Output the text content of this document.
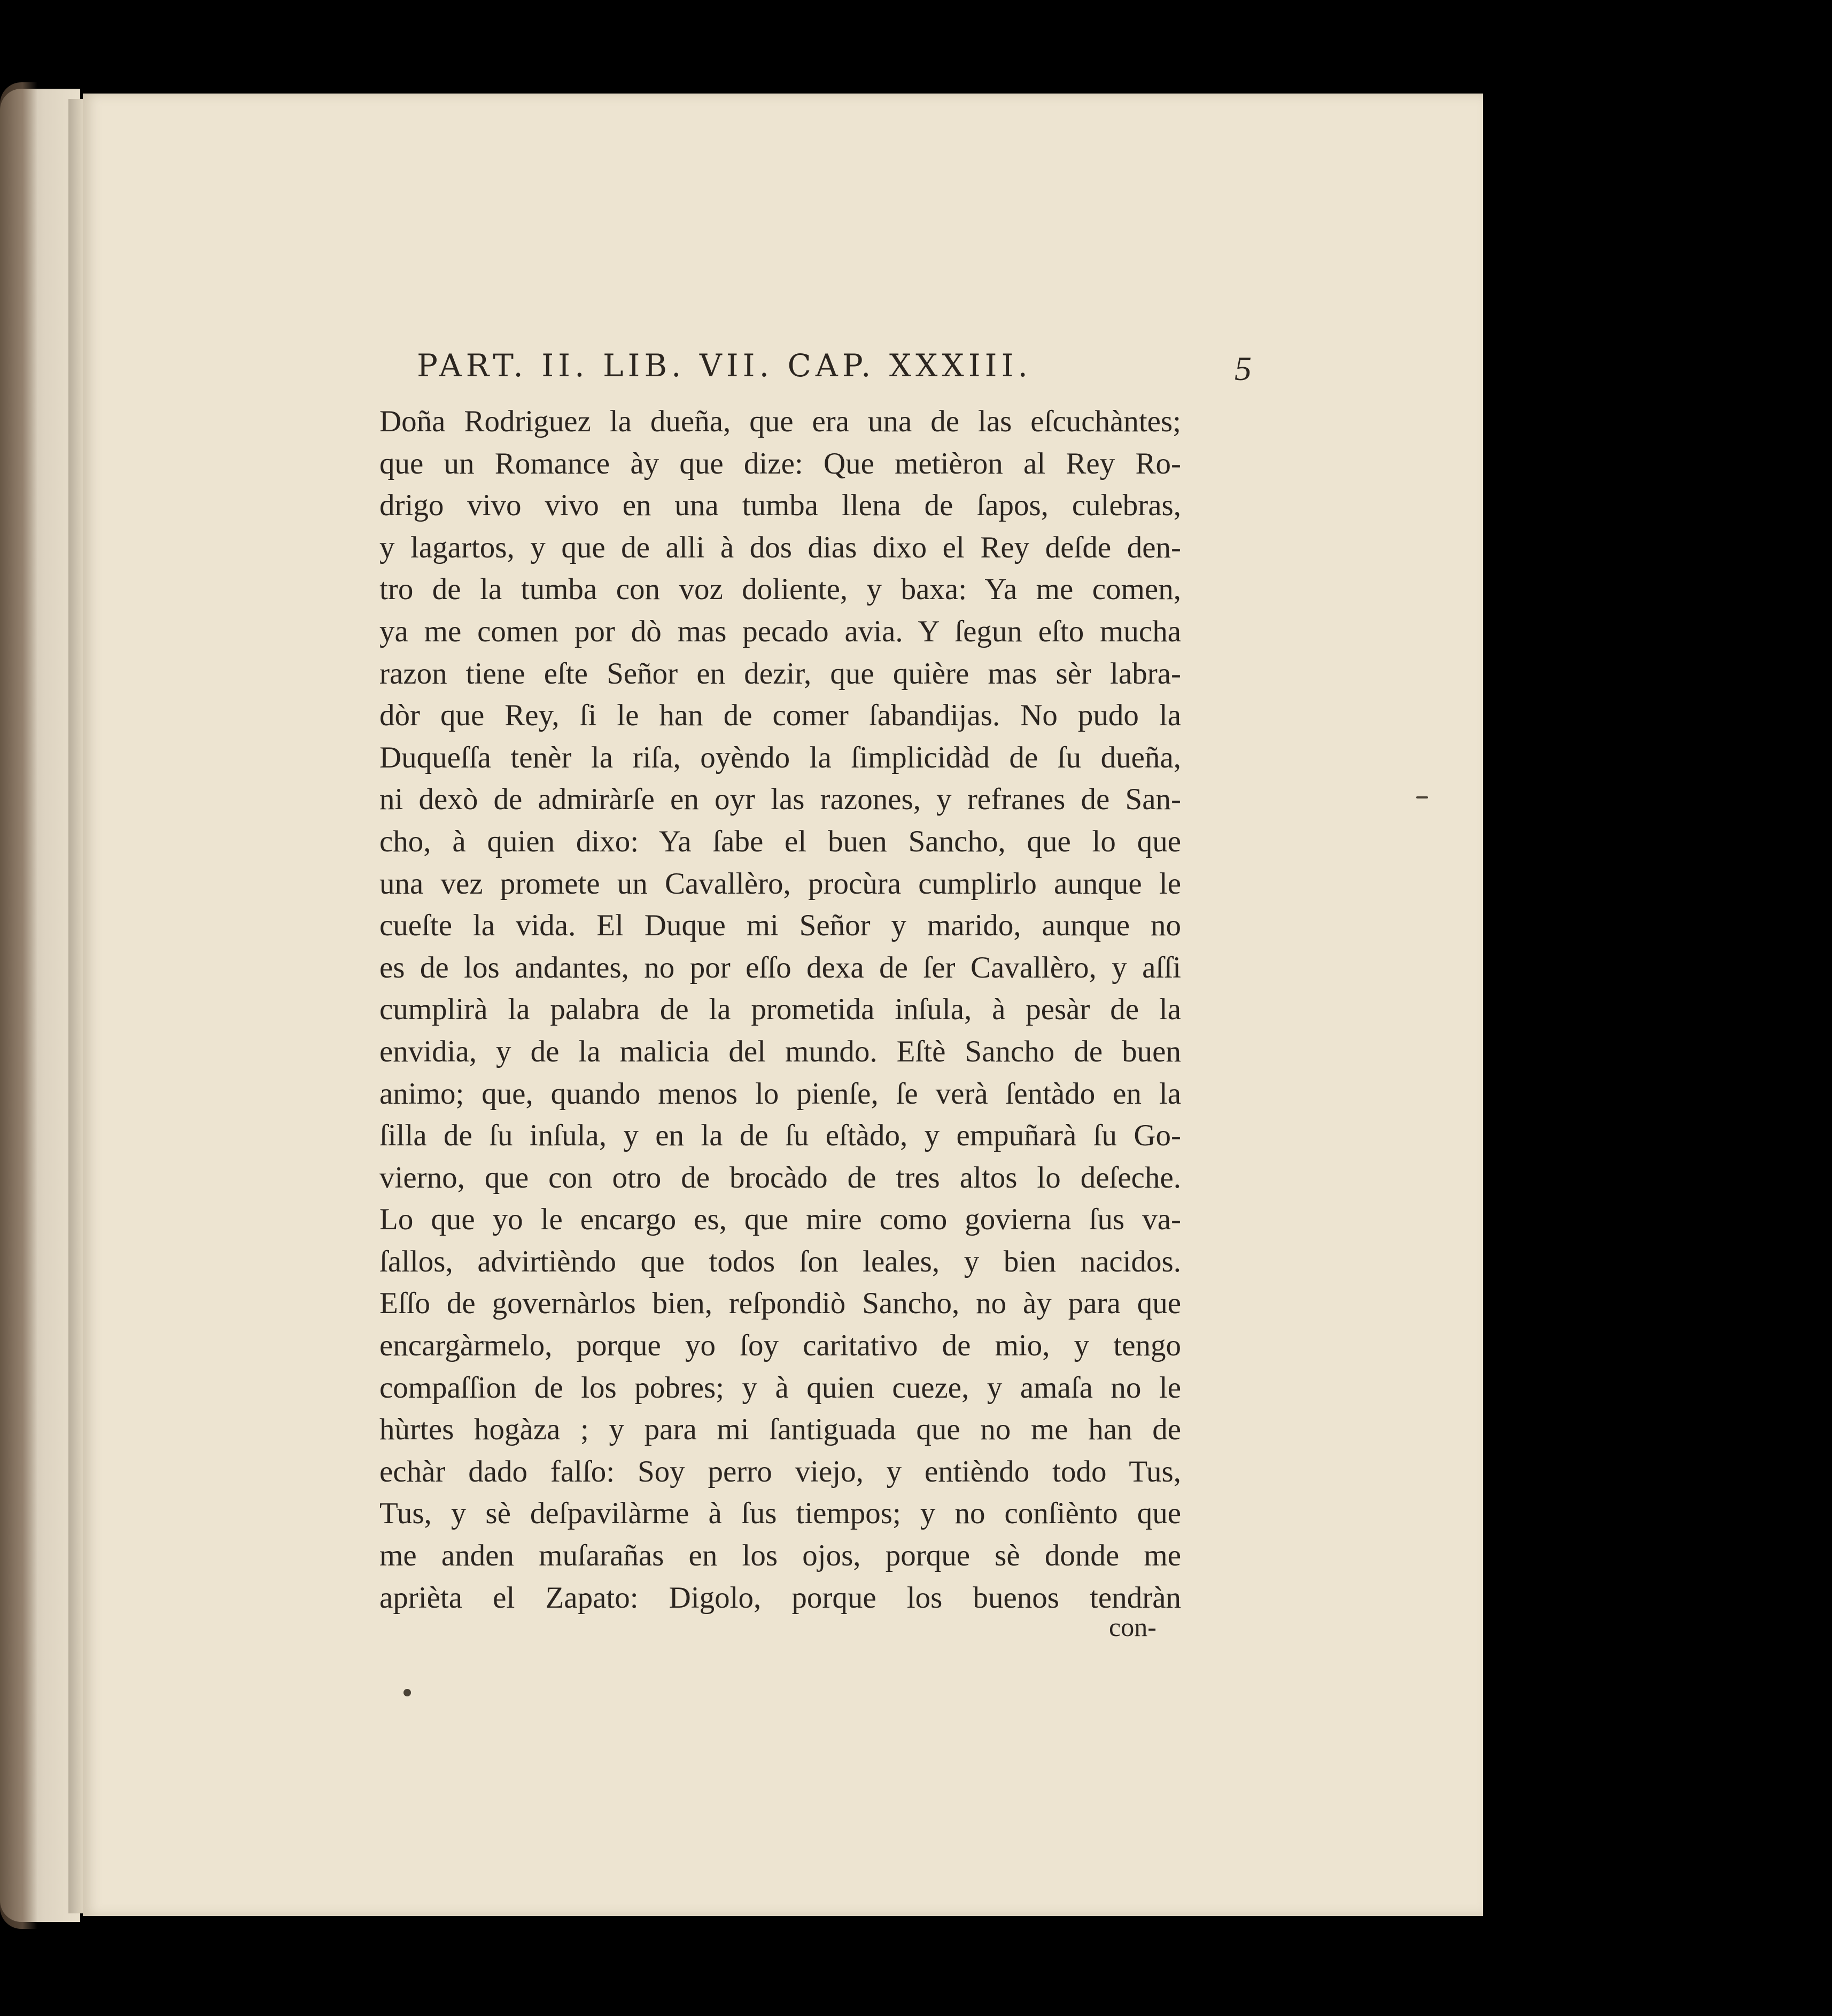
PART. II. LIB. VII. CAP. XXXIII.	5
Doña Rodriguez la dueña, que era una de las eſcuchàntes;
que un Romance ày que dize: Que metièron al Rey Ro-
drigo vivo vivo en una tumba llena de ſapos, culebras,
y lagartos, y que de alli à dos dias dixo el Rey deſde den-
tro de la tumba con voz doliente, y baxa: Ya me comen,
ya me comen por dò mas pecado avia. Y ſegun eſto mucha
razon tiene eſte Señor en dezir, que quière mas sèr labra-
dòr que Rey, ſi le han de comer ſabandijas. No pudo la
Duqueſſa tenèr la riſa, oyèndo la ſimplicidàd de ſu dueña,
ni dexò de admiràrſe en oyr las razones, y refranes de San-
cho, à quien dixo: Ya ſabe el buen Sancho, que lo que
una vez promete un Cavallèro, procùra cumplirlo aunque le
cueſte la vida. El Duque mi Señor y marido, aunque no
es de los andantes, no por eſſo dexa de ſer Cavallèro, y aſſi
cumplirà la palabra de la prometida inſula, à pesàr de la
envidia, y de la malicia del mundo. Eſtè Sancho de buen
animo; que, quando menos lo pienſe, ſe verà ſentàdo en la
ſilla de ſu inſula, y en la de ſu eſtàdo, y empuñarà ſu Go-
vierno, que con otro de brocàdo de tres altos lo deſeche.
Lo que yo le encargo es, que mire como govierna ſus va-
ſallos, advirtièndo que todos ſon leales, y bien nacidos.
Eſſo de governàrlos bien, reſpondiò Sancho, no ày para que
encargàrmelo, porque yo ſoy caritativo de mio, y tengo
compaſſion de los pobres; y à quien cueze, y amaſa no le
hùrtes hogàza ; y para mi ſantiguada que no me han de
echàr dado falſo: Soy perro viejo, y entièndo todo Tus,
Tus, y sè deſpavilàrme à ſus tiempos; y no conſiènto que
me anden muſarañas en los ojos, porque sè donde me
aprièta el Zapato: Digolo, porque los buenos tendràn
con-
